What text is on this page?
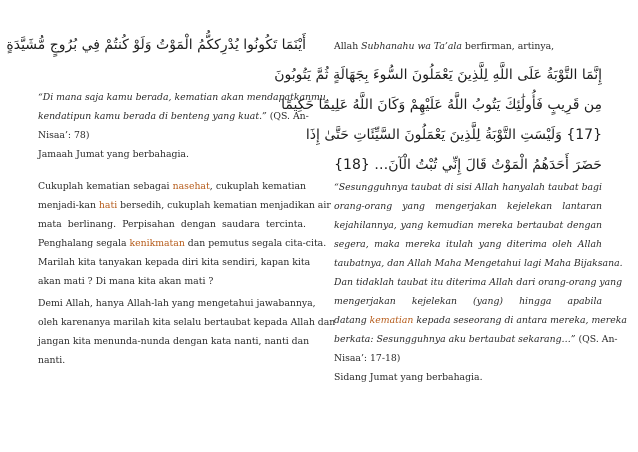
أَيْنَمَا تَكُونُوا يُدْرِككُّمُ الْمَوْتُ وَلَوْ كُنتُمْ فِي بُرُوجٍ مُّشَيَّدَةٍ

“Di mana saja kamu berada, kematian akan mendapatkanmu,
kendatipun kamu berada di benteng yang kuat.” (QS. An-
Nisaa’: 78)
Jamaah Jumat yang berbahagia.

Cukuplah kematian sebagai nasehat, cukuplah kematian
menjadi-kan hati bersedih, cukuplah kematian menjadikan air
mata berlinang. Perpisahan dengan saudara tercinta.
Penghalang segala kenikmatan dan pemutus segala cita-cita.
Marilah kita tanyakan kepada diri kita sendiri, kapan kita
akan mati ? Di mana kita akan mati ?

Demi Allah, hanya Allah-lah yang mengetahui jawabannya,
oleh karenanya marilah kita selalu bertaubat kepada Allah dan
jangan kita menunda-nunda dengan kata nanti, nanti dan
nanti.

Allah Subhanahu wa Ta’ala berfirman, artinya,

إِنَّمَا التَّوْبَةُ عَلَى اللَّهِ لِلَّذِينَ يَعْمَلُونَ السُّوءَ بِجَهَالَةٍ ثُمَّ يَتُوبُونَ
مِن قَرِيبٍ فَأُولَٰئِكَ يَتُوبُ اللَّهُ عَلَيْهِمْ وَكَانَ اللَّهُ عَلِيمًا حَكِيمًا
{17} وَلَيْسَتِ التَّوْبَةُ لِلَّذِينَ يَعْمَلُونَ السَّيِّئَاتِ حَتَّىٰ إِذَا
حَضَرَ أَحَدَهُمُ الْمَوْتُ قَالَ إِنِّي تُبْتُ الْآنَ… {18}

“Sesungguhnya taubat di sisi Allah hanyalah taubat bagi
orang-orang yang mengerjakan kejelekan lantaran
kejahilannya, yang kemudian mereka bertaubat dengan
segera, maka mereka itulah yang diterima oleh Allah
taubatnya, dan Allah Maha Mengetahui lagi Maha Bijaksana.
Dan tidaklah taubat itu diterima Allah dari orang-orang yang
mengerjakan kejelekan (yang) hingga apabila
datang kematian kepada seseorang di antara mereka, mereka
berkata: Sesungguhnya aku bertaubat sekarang…” (QS. An-
Nisaa’: 17-18)
Sidang Jumat yang berbahagia.
